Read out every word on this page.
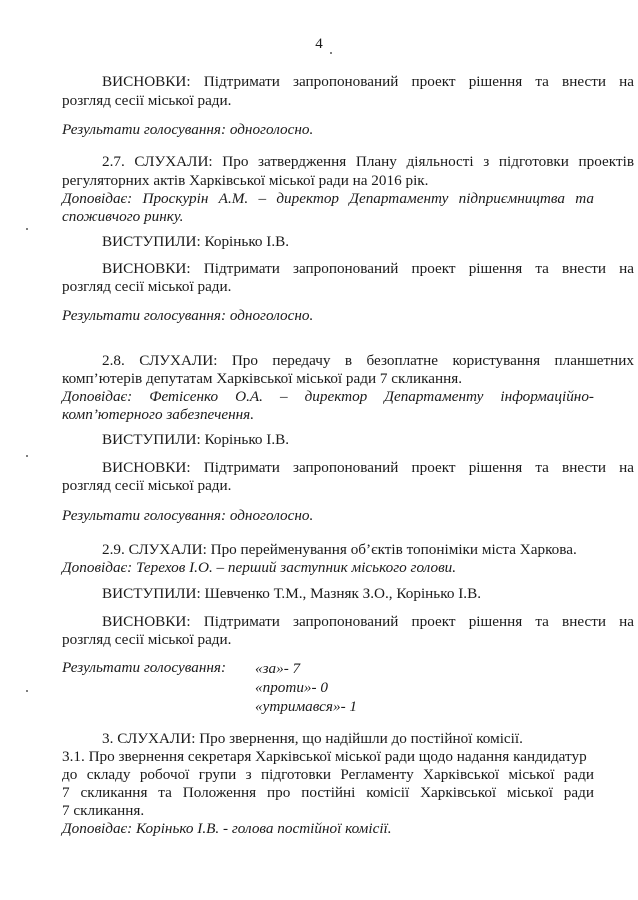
4
ВИСНОВКИ: Підтримати запропонований проект рішення та внести на
розгляд сесії міської ради.
Результати голосування: одноголосно.
2.7. СЛУХАЛИ: Про затвердження Плану діяльності з підготовки проектів
регуляторних актів Харківської міської ради на 2016 рік.
Доповідає: Проскурін А.М. – директор Департаменту підприємництва та
споживчого ринку.
ВИСТУПИЛИ: Корінько І.В.
ВИСНОВКИ: Підтримати запропонований проект рішення та внести на
розгляд сесії міської ради.
Результати голосування: одноголосно.
2.8. СЛУХАЛИ: Про передачу в безоплатне користування планшетних
комп’ютерів депутатам Харківської міської ради 7 скликання.
Доповідає: Фетісенко О.А. – директор Департаменту інформаційно-
комп’ютерного забезпечення.
ВИСТУПИЛИ: Корінько І.В.
ВИСНОВКИ: Підтримати запропонований проект рішення та внести на
розгляд сесії міської ради.
Результати голосування: одноголосно.
2.9. СЛУХАЛИ: Про перейменування об’єктів топоніміки міста Харкова.
Доповідає: Терехов І.О. – перший заступник міського голови.
ВИСТУПИЛИ: Шевченко Т.М., Мазняк З.О., Корінько І.В.
ВИСНОВКИ: Підтримати запропонований проект рішення та внести на
розгляд сесії міської ради.
Результати голосування: «за»- 7
«проти»- 0
«утримався»- 1
3. СЛУХАЛИ: Про звернення, що надійшли до постійної комісії.
3.1. Про звернення секретаря Харківської міської ради щодо надання кандидатур
до складу робочої групи з підготовки Регламенту Харківської міської ради
7 скликання та Положення про постійні комісії Харківської міської ради
7 скликання.
Доповідає: Корінько І.В. - голова постійної комісії.
